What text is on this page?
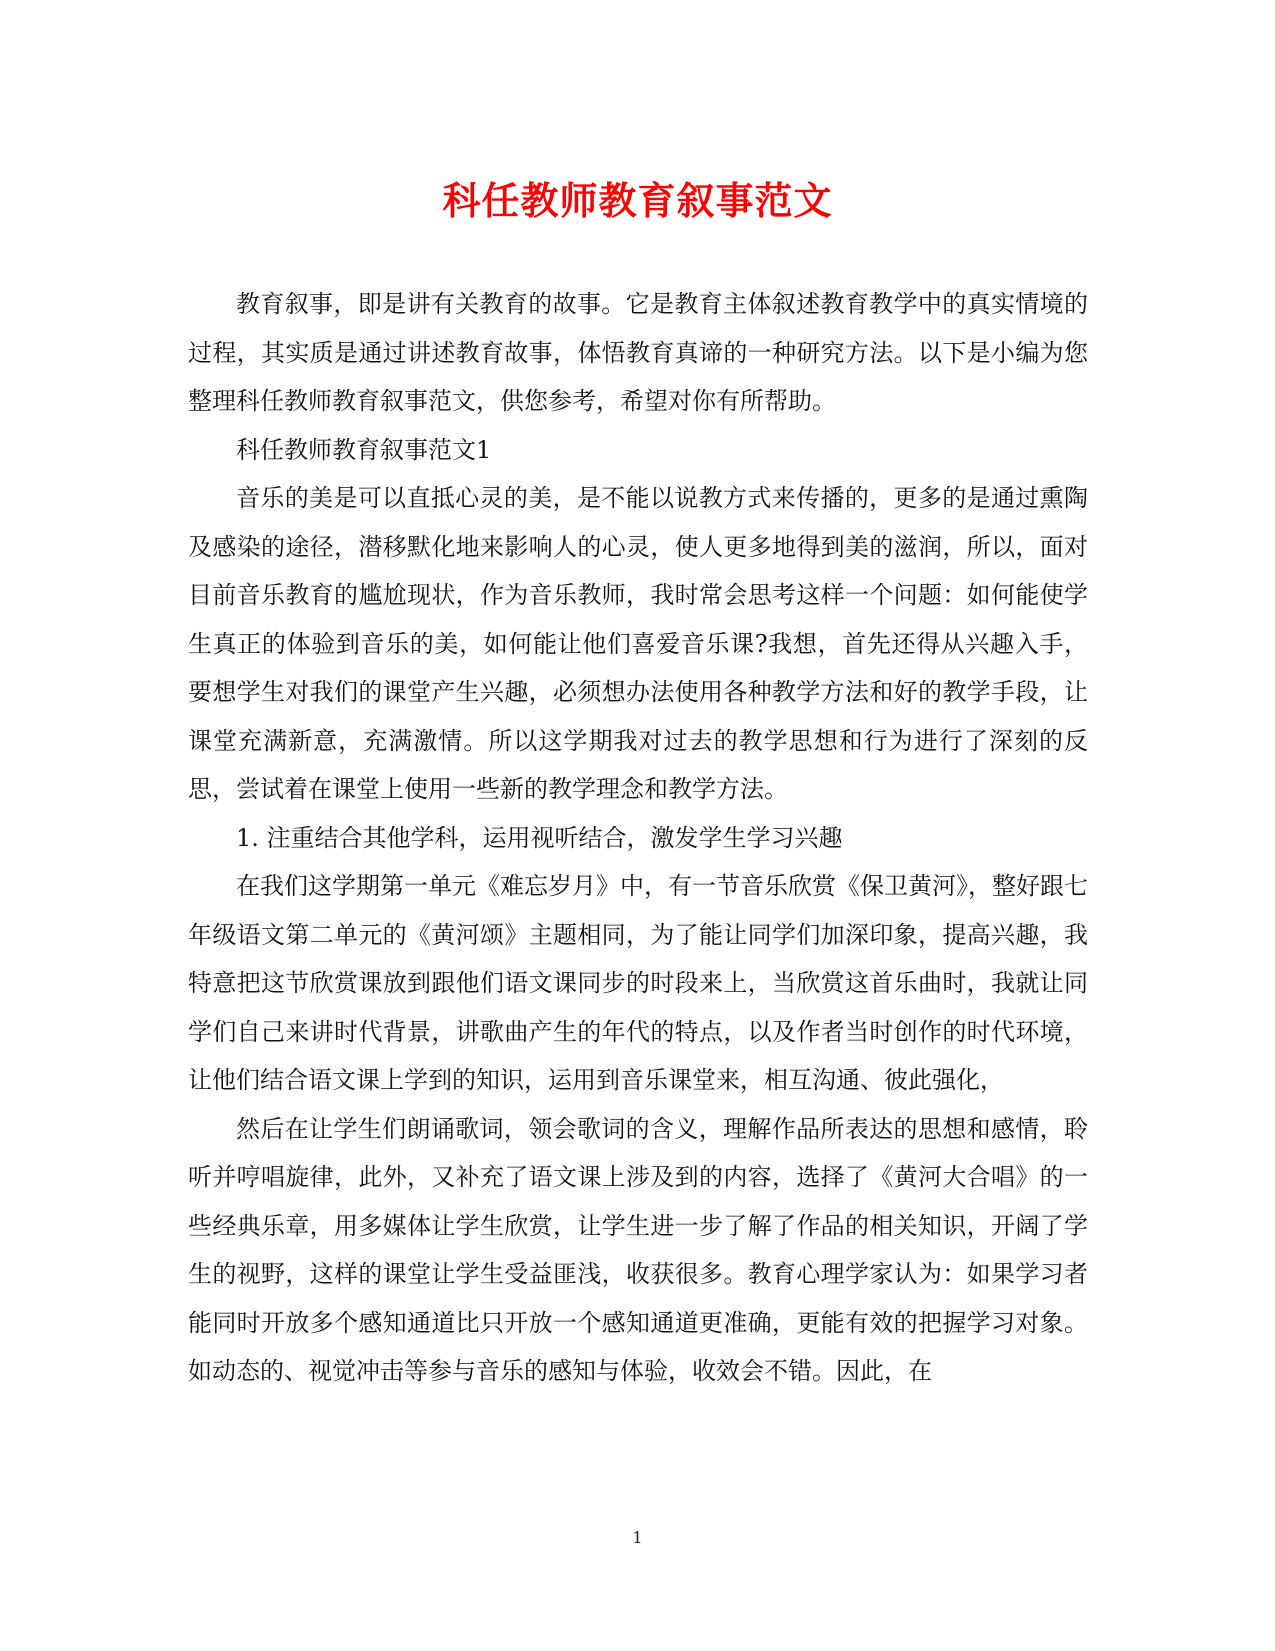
科任教师教育叙事范文

教育叙事，即是讲有关教育的故事。它是教育主体叙述教育教学中的真实情境的过程，其实质是通过讲述教育故事，体悟教育真谛的一种研究方法。以下是小编为您整理科任教师教育叙事范文，供您参考，希望对你有所帮助。

科任教师教育叙事范文1

音乐的美是可以直抵心灵的美，是不能以说教方式来传播的，更多的是通过熏陶及感染的途径，潜移默化地来影响人的心灵，使人更多地得到美的滋润，所以，面对目前音乐教育的尴尬现状，作为音乐教师，我时常会思考这样一个问题：如何能使学生真正的体验到音乐的美，如何能让他们喜爱音乐课?我想，首先还得从兴趣入手，要想学生对我们的课堂产生兴趣，必须想办法使用各种教学方法和好的教学手段，让课堂充满新意，充满激情。所以这学期我对过去的教学思想和行为进行了深刻的反思，尝试着在课堂上使用一些新的教学理念和教学方法。

1. 注重结合其他学科，运用视听结合，激发学生学习兴趣

在我们这学期第一单元《难忘岁月》中，有一节音乐欣赏《保卫黄河》，整好跟七年级语文第二单元的《黄河颂》主题相同，为了能让同学们加深印象，提高兴趣，我特意把这节欣赏课放到跟他们语文课同步的时段来上，当欣赏这首乐曲时，我就让同学们自己来讲时代背景，讲歌曲产生的年代的特点，以及作者当时创作的时代环境，让他们结合语文课上学到的知识，运用到音乐课堂来，相互沟通、彼此强化，

然后在让学生们朗诵歌词，领会歌词的含义，理解作品所表达的思想和感情，聆听并哼唱旋律，此外，又补充了语文课上涉及到的内容，选择了《黄河大合唱》的一些经典乐章，用多媒体让学生欣赏，让学生进一步了解了作品的相关知识，开阔了学生的视野，这样的课堂让学生受益匪浅，收获很多。教育心理学家认为：如果学习者能同时开放多个感知通道比只开放一个感知通道更准确，更能有效的把握学习对象。如动态的、视觉冲击等参与音乐的感知与体验，收效会不错。因此，在

1
